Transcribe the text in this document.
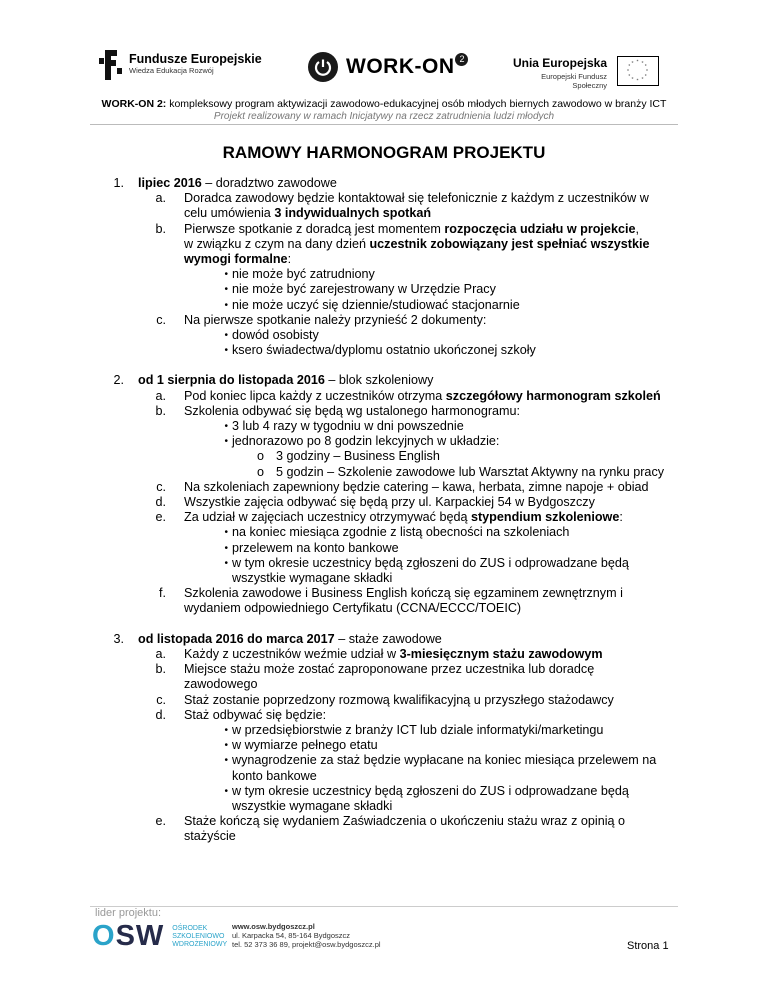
Fundusze Europejskie
Wiedza Edukacja Rozwój	WORK-ON 2	Unia Europejska
Europejski Fundusz Społeczny
* *
*
*
*
*
*
*
*
*
*
*
WORK-ON 2: kompleksowy program aktywizacji zawodowo-edukacyjnej osób młodych biernych zawodowo w branży ICT
Projekt realizowany w ramach Inicjatywy na rzecz zatrudnienia ludzi młodych
RAMOWY HARMONOGRAM PROJEKTU
1. lipiec 2016 – doradztwo zawodowe
a. Doradca zawodowy będzie kontaktował się telefonicznie z każdym z uczestników w
celu umówienia 3 indywidualnych spotkań
b. Pierwsze spotkanie z doradcą jest momentem rozpoczęcia udziału w projekcie,
w związku z czym na dany dzień uczestnik zobowiązany jest spełniać wszystkie
wymogi formalne:
• nie może być zatrudniony
• nie może być zarejestrowany w Urzędzie Pracy
• nie może uczyć się dziennie/studiować stacjonarnie
c. Na pierwsze spotkanie należy przynieść 2 dokumenty:
• dowód osobisty
• ksero świadectwa/dyplomu ostatnio ukończonej szkoły
2. od 1 sierpnia do listopada 2016 – blok szkoleniowy
a. Pod koniec lipca każdy z uczestników otrzyma szczegółowy harmonogram szkoleń
b. Szkolenia odbywać się będą wg ustalonego harmonogramu:
• 3 lub 4 razy w tygodniu w dni powszednie
• jednorazowo po 8 godzin lekcyjnych w układzie:
o 3 godziny – Business English
o 5 godzin – Szkolenie zawodowe lub Warsztat Aktywny na rynku pracy
c. Na szkoleniach zapewniony będzie catering – kawa, herbata, zimne napoje + obiad
d. Wszystkie zajęcia odbywać się będą przy ul. Karpackiej 54 w Bydgoszczy
e. Za udział w zajęciach uczestnicy otrzymywać będą stypendium szkoleniowe:
• na koniec miesiąca zgodnie z listą obecności na szkoleniach
• przelewem na konto bankowe
• w tym okresie uczestnicy będą zgłoszeni do ZUS i odprowadzane będą
wszystkie wymagane składki
f. Szkolenia zawodowe i Business English kończą się egzaminem zewnętrznym i
wydaniem odpowiedniego Certyfikatu (CCNA/ECCC/TOEIC)
3. od listopada 2016 do marca 2017 – staże zawodowe
a. Każdy z uczestników weźmie udział w 3-miesięcznym stażu zawodowym
b. Miejsce stażu może zostać zaproponowane przez uczestnika lub doradcę
zawodowego
c. Staż zostanie poprzedzony rozmową kwalifikacyjną u przyszłego stażodawcy
d. Staż odbywać się będzie:
• w przedsiębiorstwie z branży ICT lub dziale informatyki/marketingu
• w wymiarze pełnego etatu
• wynagrodzenie za staż będzie wypłacane na koniec miesiąca przelewem na
konto bankowe
• w tym okresie uczestnicy będą zgłoszeni do ZUS i odprowadzane będą
wszystkie wymagane składki
e. Staże kończą się wydaniem Zaświadczenia o ukończeniu stażu wraz z opinią o
stażyście
lider projektu:
OSW OŚRODEK
SZKOLENIOWO
WDROŻENIOWY
www.osw.bydgoszcz.pl
ul. Karpacka 54, 85-164 Bydgoszcz
tel. 52 373 36 89, projekt@osw.bydgoszcz.pl	Strona 1
